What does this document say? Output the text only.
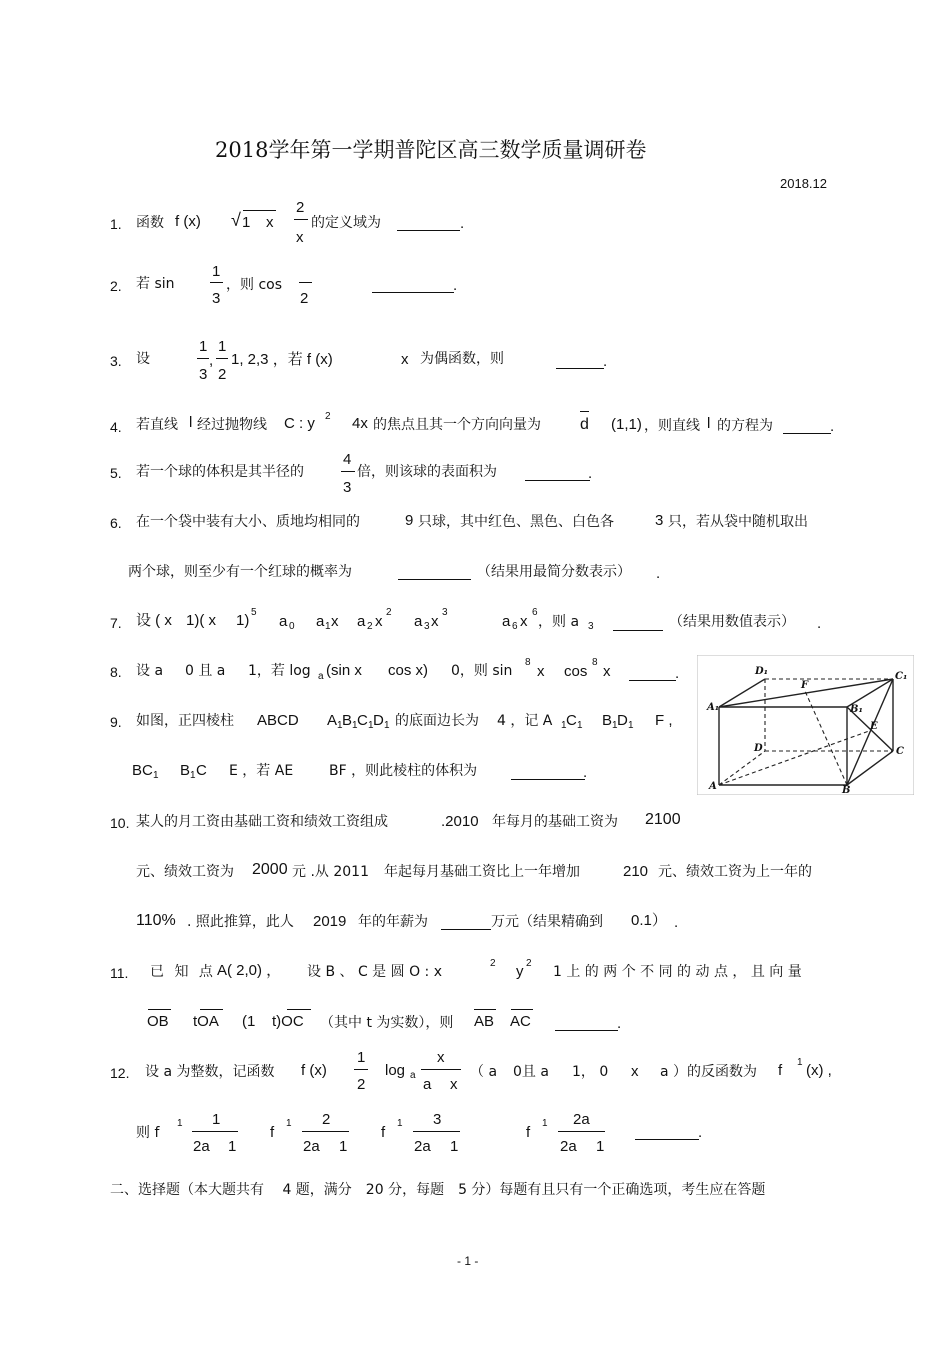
2018学年第一学期普陀区高三数学质量调研卷
2018.12
1. 函数 f (x) √ 1 x
2
x
的定义域为	.
2. 若 sin
1
3
，则 cos
2
.
3. 设
1
3
,
1
2
1, 2,3 ，若 f (x)	x 为偶函数，则	.
4. 若直线 l 经过抛物线 C : y 2 4x 的焦点且其一个方向向量为 d (1,1) ，则直线 l 的方程为	.
5. 若一个球的体积是其半径的
4
3
倍，则该球的表面积为	.
6. 在一个袋中装有大小、质地均相同的	9 只球，其中红色、黑色、白色各	3 只，若从袋中随机取出
两个球，则至少有一个红球的概率为	（结果用最简分数表示） .
7. 设 ( x 1)( x 1) 5
a 0 a 1 x a 2 x
2
a 3 x
3
a 6 x
6
，则 a 3	（结果用数值表示） .
8. 设 a 0 且 a 1，若 log a (sin x cos x) 0，则 sin
8
x cos
8
x	.
9. 如图，正四棱柱 ABCD A 1 B 1 C 1 D 1 的底面边长为 4 ，记 A 1 C 1 B 1 D 1 F ,
BC 1 B 1 C E ，若 AE	BF ，则此棱柱的体积为	.
D₁
F
C₁
A₁	B₁
E
D	C
A	B
10. 某人的月工资由基础工资和绩效工资组成	.2010 年每月的基础工资为 2100
元、绩效工资为 2000 元 .从 2011 年起每月基础工资比上一年增加	210 元、绩效工资为上一年的
110% . 照此推算，此人 2019 年的年薪为	万元（结果精确到 0.1） .
11. 已 知 点 A( 2,0) ， 设 B 、 C 是 圆 O : x
2 y 2
1 上 的 两 个 不 同 的 动 点 ， 且 向 量
OB tOA (1 t)OC （其中 t 为实数），则 AB AC	.
12. 设 a 为整数，记函数 f (x)
1
2
log a
x
a x
（ a 0且 a 1， 0 x a ）的反函数为 f 1 (x) ,
则 f
1 1
2a 1
f
1 2
2a 1
f
1 3
2a 1
f
1 2a
2a 1
.
二、选择题（本大题共有　 4 题，满分　20 分，每题　5 分）每题有且只有一个正确选项，考生应在答题
- 1 -
